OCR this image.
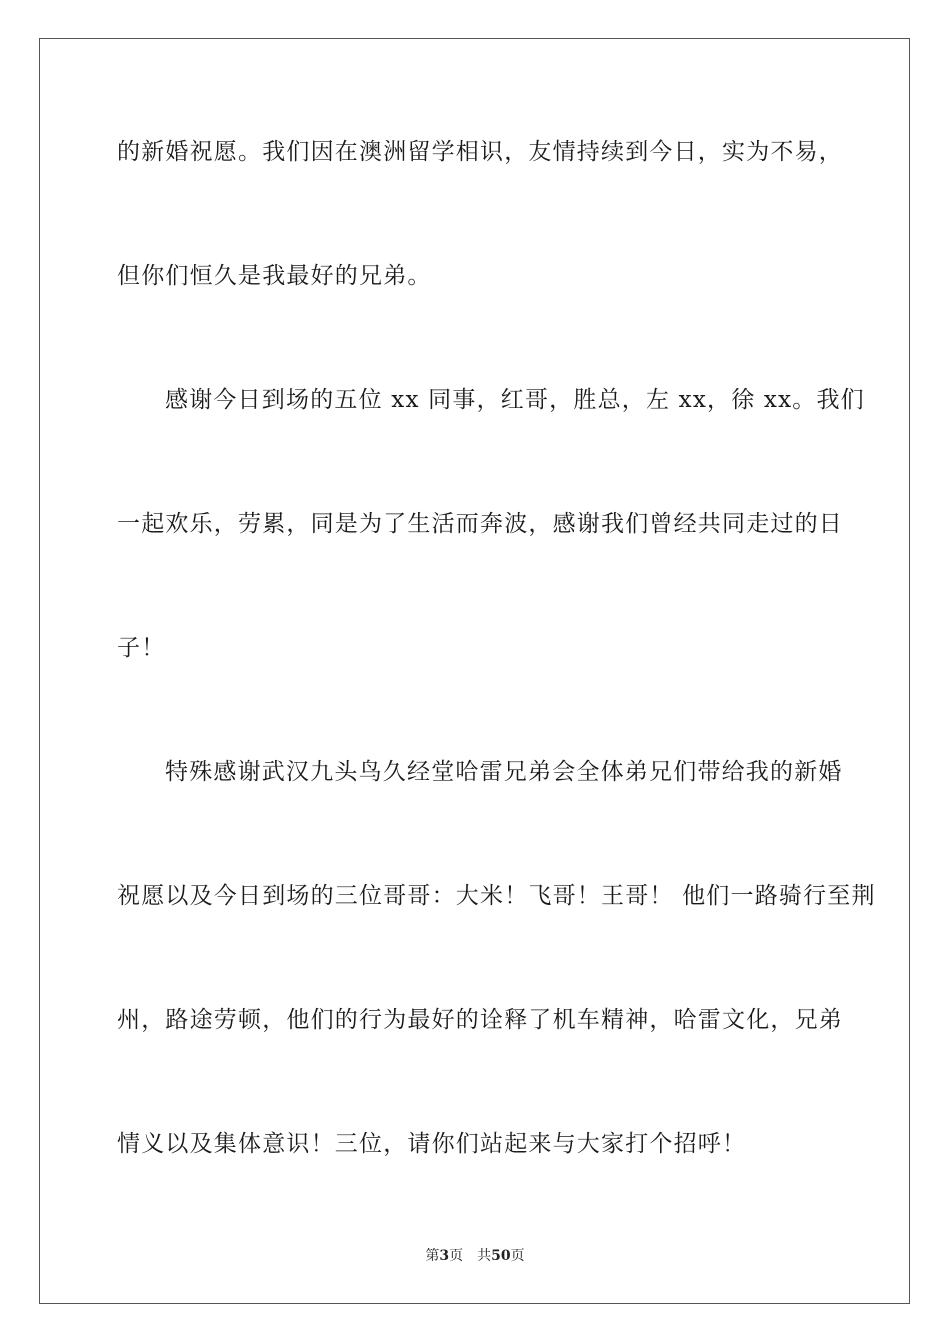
的新婚祝愿。我们因在澳洲留学相识，友情持续到今日，实为不易，
但你们恒久是我最好的兄弟。
感谢今日到场的五位 xx 同事，红哥，胜总，左 xx，徐 xx。我们
一起欢乐，劳累，同是为了生活而奔波，感谢我们曾经共同走过的日
子！
特殊感谢武汉九头鸟久经堂哈雷兄弟会全体弟兄们带给我的新婚
祝愿以及今日到场的三位哥哥：大米！飞哥！王哥！ 他们一路骑行至荆
州，路途劳顿，他们的行为最好的诠释了机车精神，哈雷文化，兄弟
情义以及集体意识！三位，请你们站起来与大家打个招呼！
第3页 共50页
